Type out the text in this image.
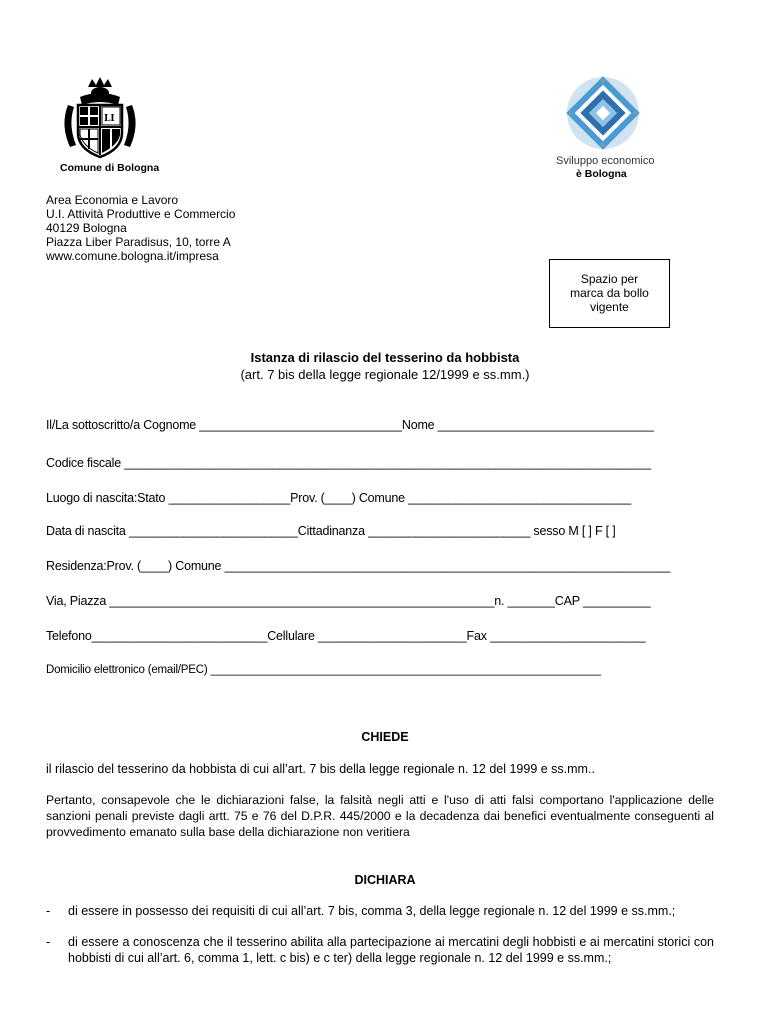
LI
Comune di Bologna
Sviluppo economico
è Bologna
Area Economia e Lavoro
U.I. Attività Produttive e Commercio
40129 Bologna
Piazza Liber Paradisus, 10, torre A
www.comune.bologna.it/impresa
Spazio per
marca da bollo
vigente
Istanza di rilascio del tesserino da hobbista
(art. 7 bis della legge regionale 12/1999 e ss.mm.)
Il/La sottoscritto/a Cognome ______________________________Nome ________________________________
Codice fiscale ______________________________________________________________________________
Luogo di nascita:Stato __________________Prov. (____) Comune _________________________________
Data di nascita _________________________Cittadinanza ________________________ sesso M [ ] F [ ]
Residenza:Prov. (____) Comune __________________________________________________________________
Via, Piazza _________________________________________________________n. _______CAP __________
Telefono__________________________Cellulare ______________________Fax _______________________
Domicilio elettronico (email/PEC) _______________________________________________________________
CHIEDE
il rilascio del tesserino da hobbista di cui all’art. 7 bis della legge regionale n. 12 del 1999 e ss.mm..
Pertanto, consapevole che le dichiarazioni false, la falsità negli atti e l'uso di atti falsi comportano l'applicazione delle sanzioni penali previste dagli artt. 75 e 76 del D.P.R. 445/2000 e la decadenza dai benefici eventualmente conseguenti al provvedimento emanato sulla base della dichiarazione non veritiera
DICHIARA
- di essere in possesso dei requisiti di cui all’art. 7 bis, comma 3, della legge regionale n. 12 del 1999 e ss.mm.;
- di essere a conoscenza che il tesserino abilita alla partecipazione ai mercatini degli hobbisti e ai mercatini storici con hobbisti di cui all’art. 6, comma 1, lett. c bis) e c ter) della legge regionale n. 12 del 1999 e ss.mm.;
